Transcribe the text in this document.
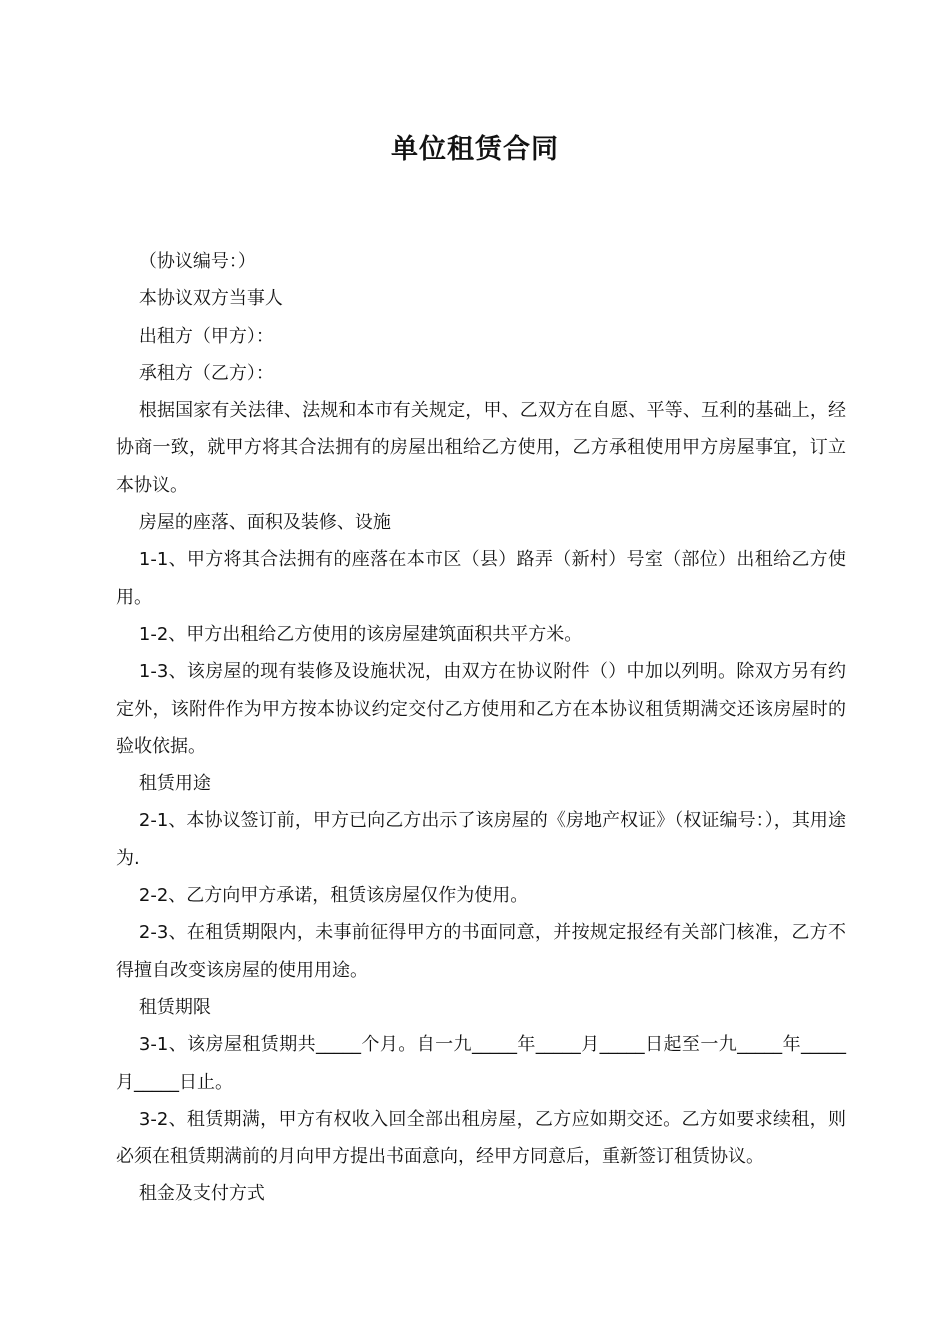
单位租赁合同

（协议编号：）

本协议双方当事人

出租方（甲方）：

承租方（乙方）：

根据国家有关法律、法规和本市有关规定，甲、乙双方在自愿、平等、互利的基础上，经协商一致，就甲方将其合法拥有的房屋出租给乙方使用，乙方承租使用甲方房屋事宜，订立本协议。

房屋的座落、面积及装修、设施

1-1、甲方将其合法拥有的座落在本市区（县）路弄（新村）号室（部位）出租给乙方使用。

1-2、甲方出租给乙方使用的该房屋建筑面积共平方米。

1-3、该房屋的现有装修及设施状况，由双方在协议附件（）中加以列明。除双方另有约定外，该附件作为甲方按本协议约定交付乙方使用和乙方在本协议租赁期满交还该房屋时的验收依据。

租赁用途

2-1、本协议签订前，甲方已向乙方出示了该房屋的《房地产权证》（权证编号：），其用途为.

2-2、乙方向甲方承诺，租赁该房屋仅作为使用。

2-3、在租赁期限内，未事前征得甲方的书面同意，并按规定报经有关部门核准，乙方不得擅自改变该房屋的使用用途。

租赁期限

3-1、该房屋租赁期共_____个月。自一九_____年_____月_____日起至一九_____年_____月_____日止。

3-2、租赁期满，甲方有权收入回全部出租房屋，乙方应如期交还。乙方如要求续租，则必须在租赁期满前的月向甲方提出书面意向，经甲方同意后，重新签订租赁协议。

租金及支付方式
